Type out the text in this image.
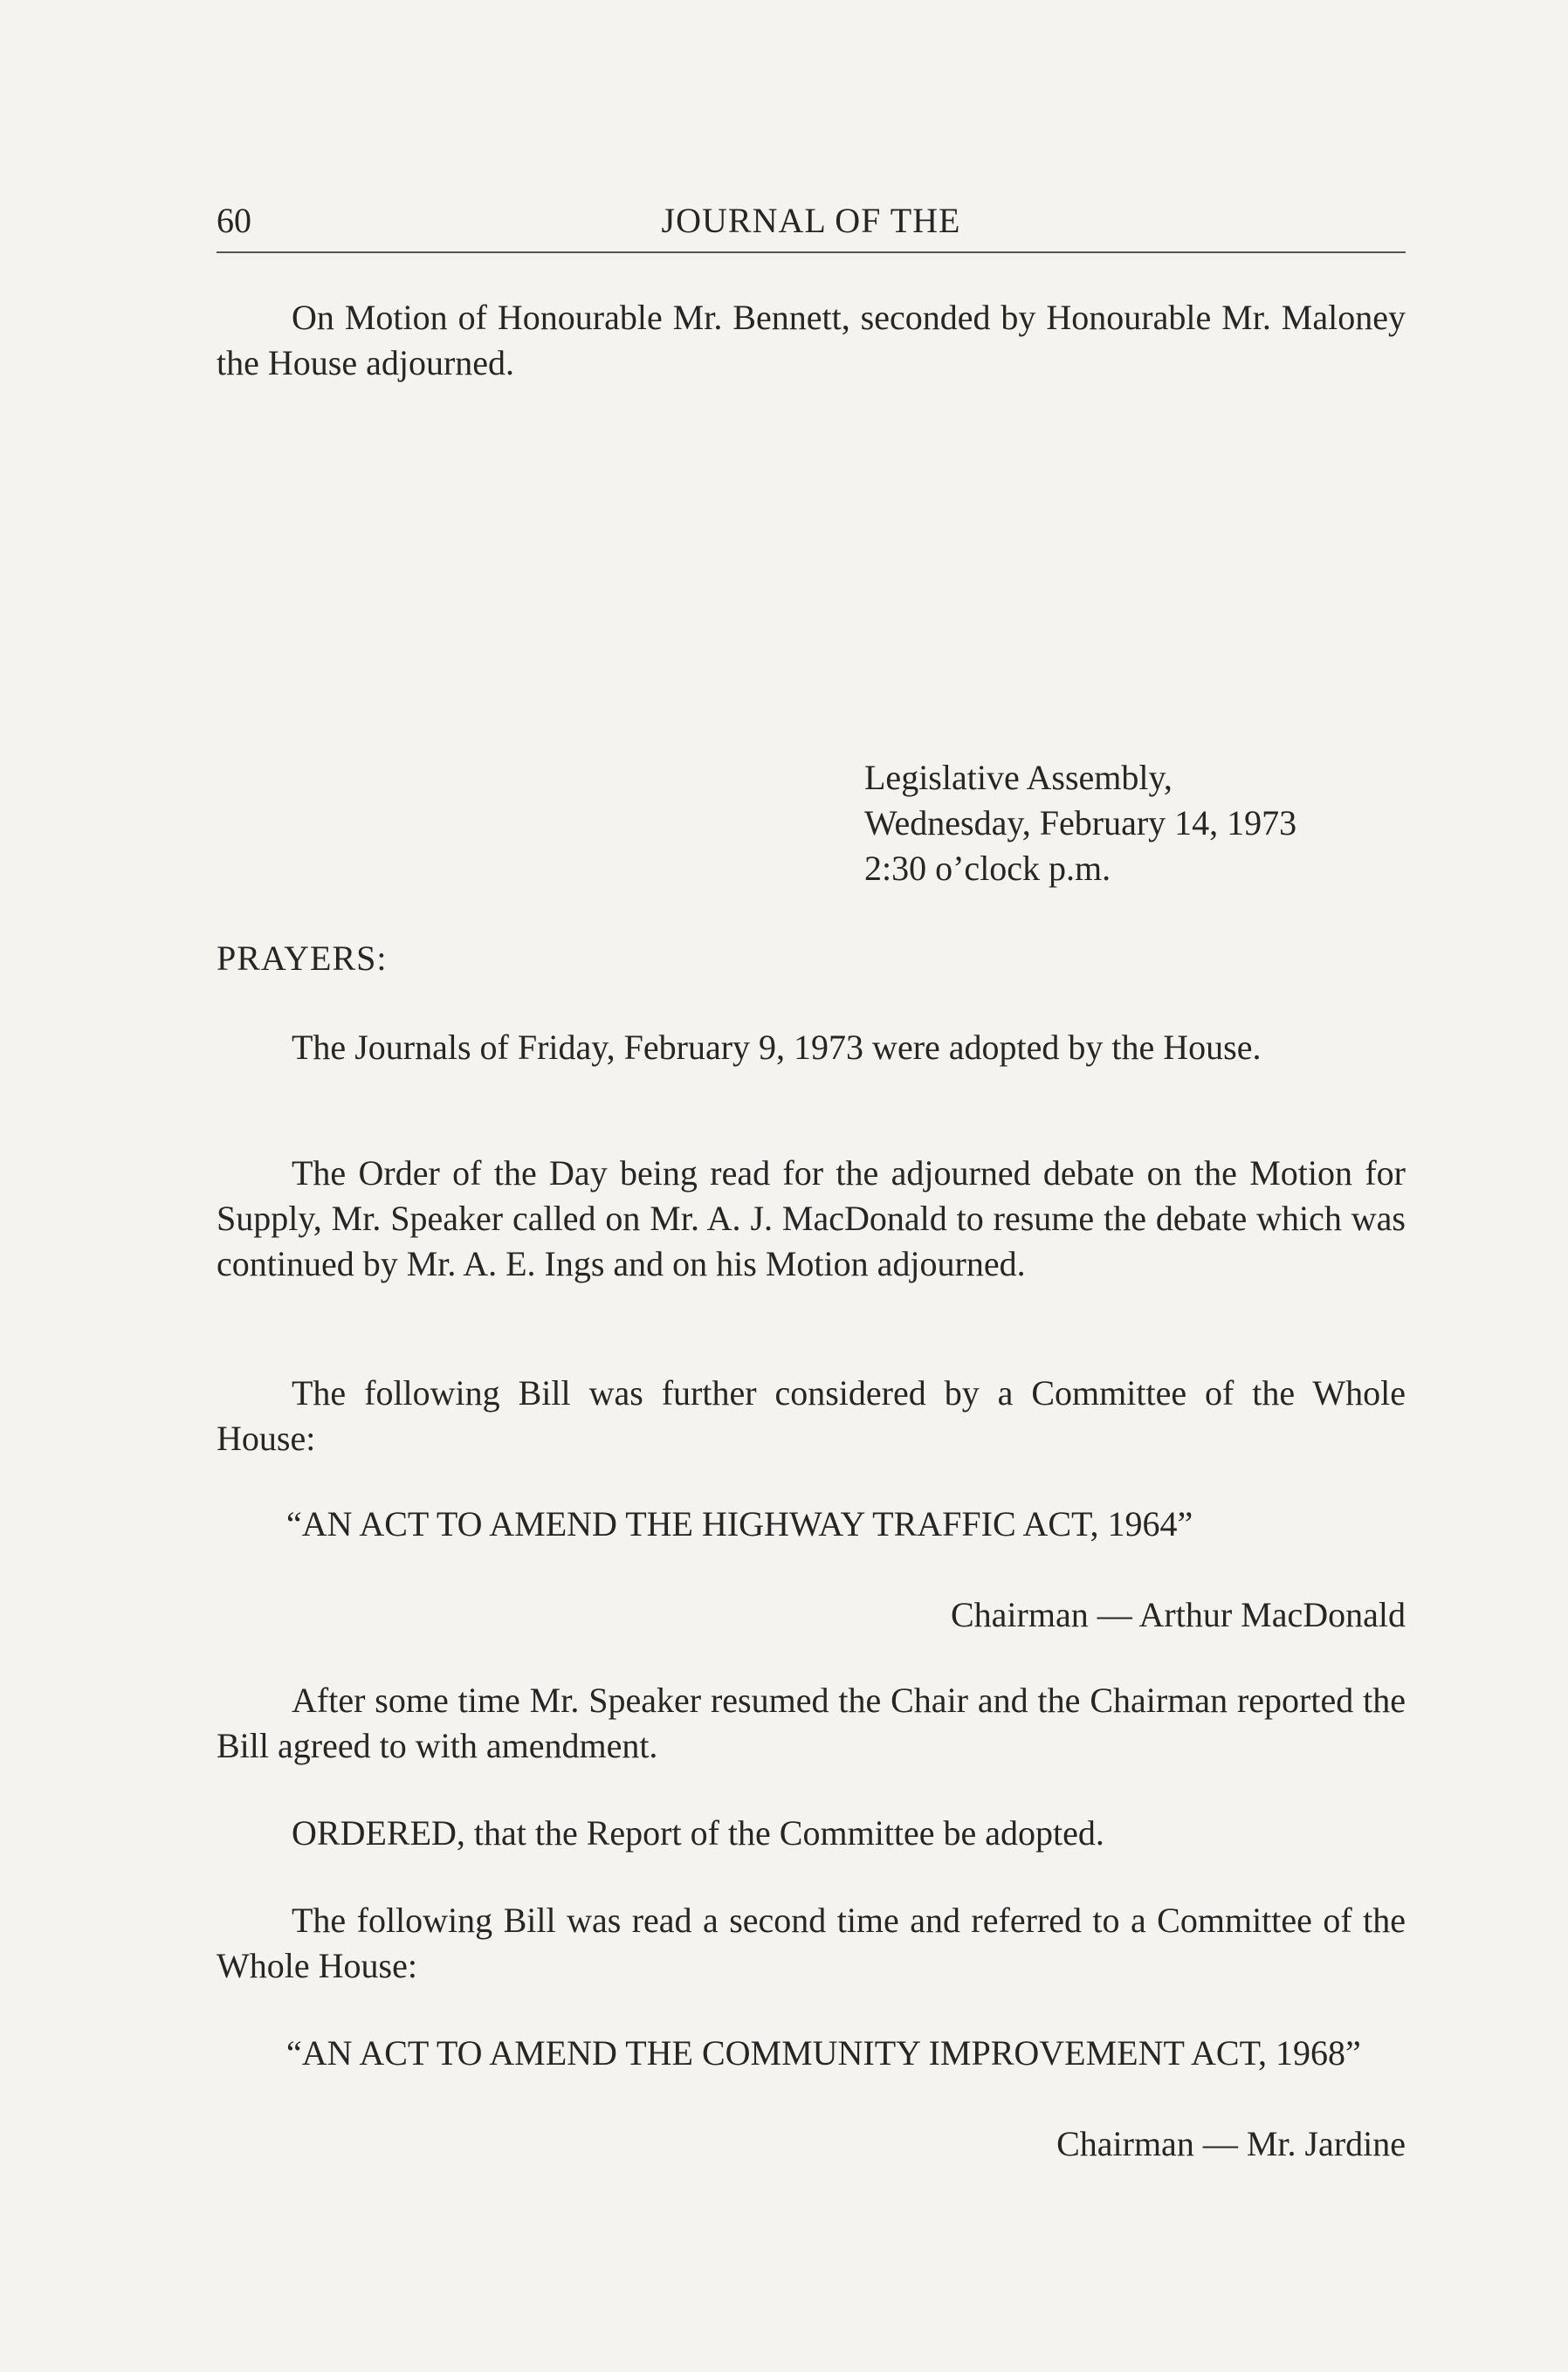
60	JOURNAL OF THE

On Motion of Honourable Mr. Bennett, seconded by Honourable Mr. Maloney the House adjourned.

Legislative Assembly,
Wednesday, February 14, 1973
2:30 o’clock p.m.
PRAYERS:

The Journals of Friday, February 9, 1973 were adopted by the House.

The Order of the Day being read for the adjourned debate on the Motion for Supply, Mr. Speaker called on Mr. A. J. MacDonald to resume the debate which was continued by Mr. A. E. Ings and on his Motion adjourned.

The following Bill was further considered by a Committee of the Whole House:

“AN ACT TO AMEND THE HIGHWAY TRAFFIC ACT, 1964”

Chairman — Arthur MacDonald

After some time Mr. Speaker resumed the Chair and the Chairman reported the Bill agreed to with amendment.

ORDERED, that the Report of the Committee be adopted.

The following Bill was read a second time and referred to a Committee of the Whole House:

“AN ACT TO AMEND THE COMMUNITY IMPROVEMENT ACT, 1968”

Chairman — Mr. Jardine
